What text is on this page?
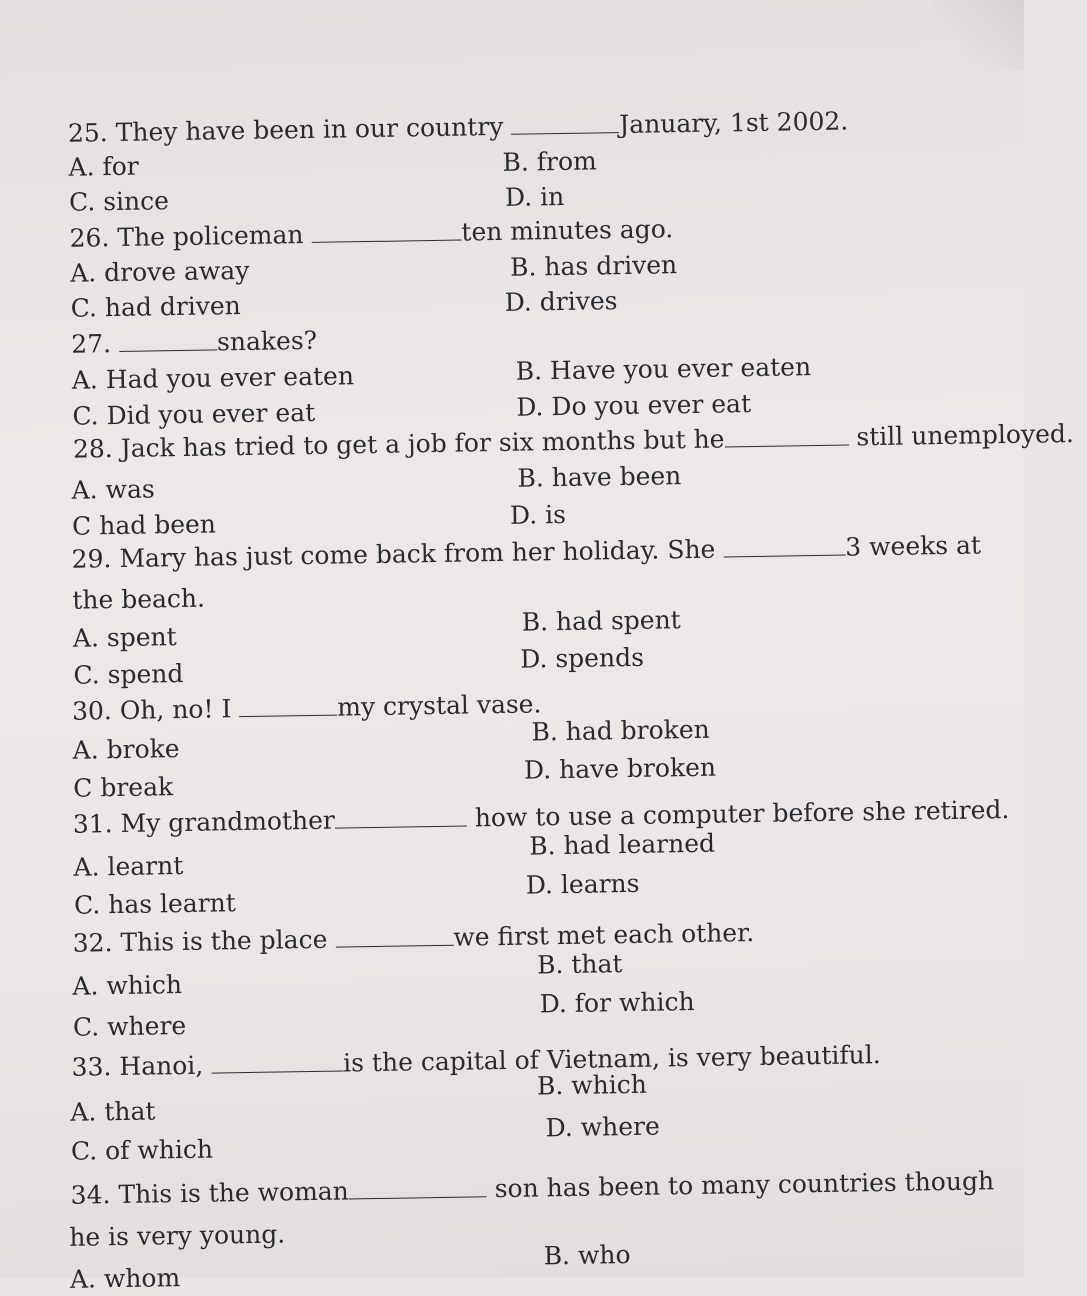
25. They have been in our country	January, 1st 2002.
A. for	B. from
C. since	D. in
26. The policeman	ten minutes ago.
A. drove away	B. has driven
C. had driven	D. drives
27.	snakes?
A. Had you ever eaten	B. Have you ever eaten
C. Did you ever eat	D. Do you ever eat
28. Jack has tried to get a job for six months but he	still unemployed.
A. was	B. have been
C had been	D. is
29. Mary has just come back from her holiday. She	3 weeks at
the beach.
A. spent
B. had spent
C. spend
D. spends
30. Oh, no! I	my crystal vase.
A. broke
B. had broken
C break
D. have broken
31. My grandmother	how to use a computer before she retired.
A. learnt
B. had learned
C. has learnt
D. learns
32. This is the place	we first met each other.
A. which
B. that
C. where
D. for which
33. Hanoi,	is the capital of Vietnam, is very beautiful.
A. that
B. which
C. of which
D. where
34. This is the woman	son has been to many countries though
he is very young.
A. whom
B. who
